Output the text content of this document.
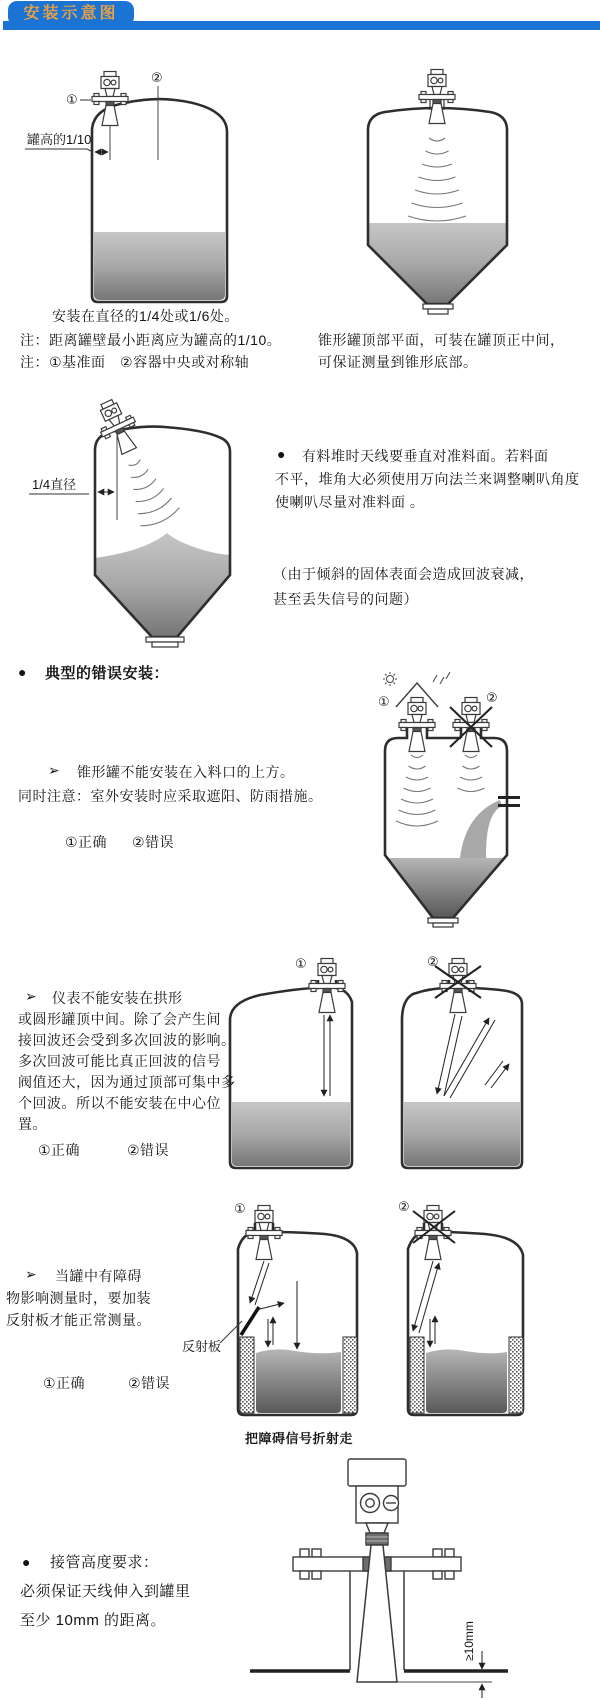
安装示意图
罐高的1/10
①
②
安装在直径的1/4处或1/6处。
注：距离罐壁最小距离应为罐高的1/10。
注：①基准面　②容器中央或对称轴
锥形罐顶部平面，可装在罐顶正中间，
可保证测量到锥形底部。
1/4直径
● 有料堆时天线要垂直对准料面。若料面
不平，堆角大必须使用万向法兰来调整喇叭角度
使喇叭尽量对准料面 。
（由于倾斜的固体表面会造成回波衰减，
甚至丢失信号的问题）
● 典型的错误安装：
①	②
➢ 锥形罐不能安装在入料口的上方。
同时注意：室外安装时应采取遮阳、防雨措施。
①正确 ②错误
①	②
➢ 仪表不能安装在拱形
或圆形罐顶中间。除了会产生间
接回波还会受到多次回波的影响。
多次回波可能比真正回波的信号
阀值还大，因为通过顶部可集中多
个回波。所以不能安装在中心位
置。
①正确	②错误
①
反射板
②
➢ 当罐中有障碍
物影响测量时，要加装
反射板才能正常测量。
①正确	②错误
把障碍信号折射走
≥10mm
● 接管高度要求：
必须保证天线伸入到罐里
至少 10mm 的距离。
